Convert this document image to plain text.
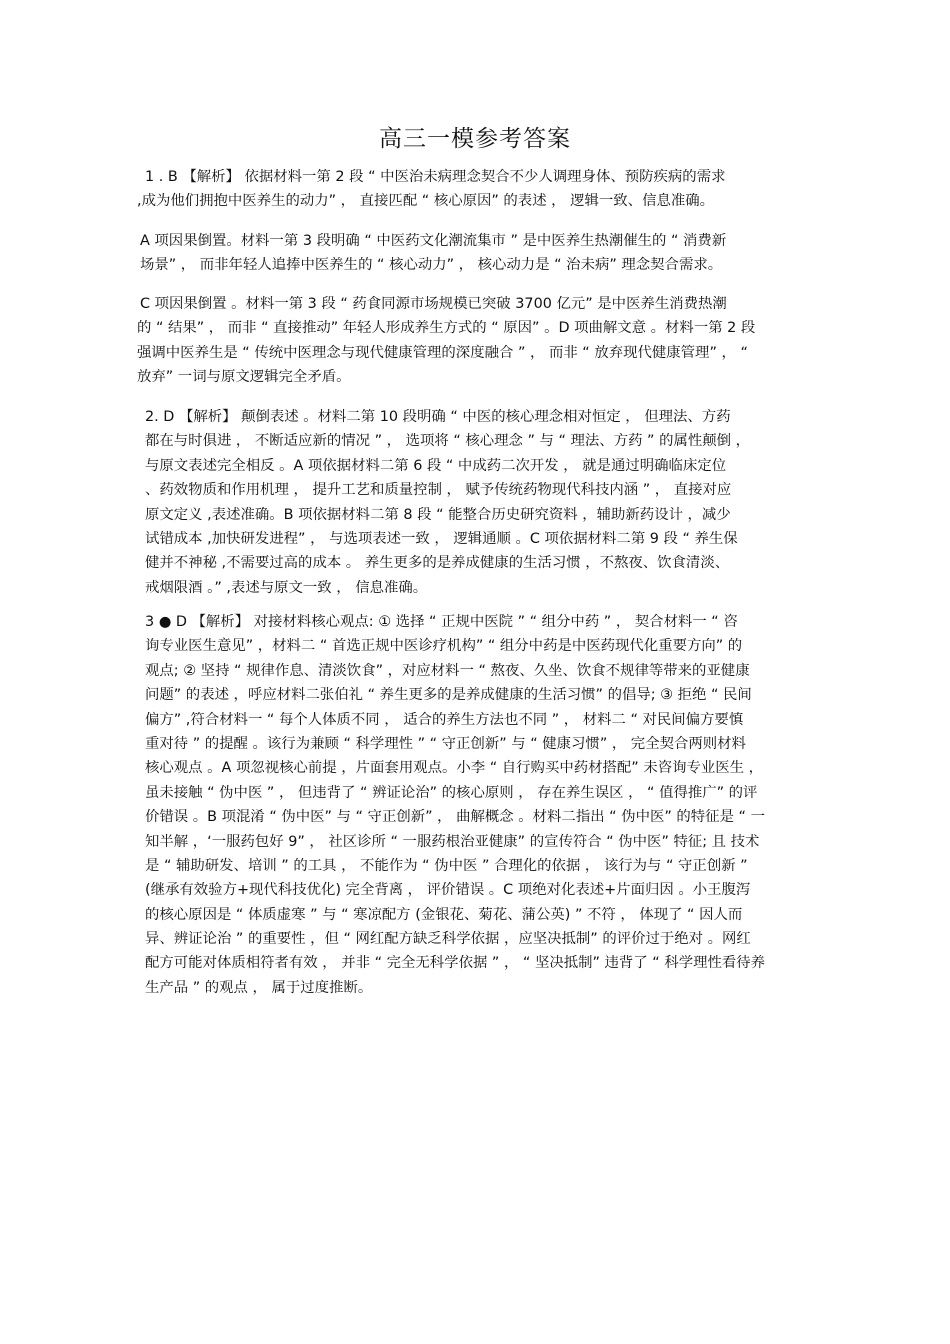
高三一模参考答案
1 . B 【解析】 依据材料一第 2 段 “ 中医治未病理念契合不少人调理身体、预防疾病的需求
,成为他们拥抱中医养生的动力” ， 直接匹配 “ 核心原因” 的表述 ， 逻辑一致、信息准确。
A 项因果倒置。材料一第 3 段明确 “ 中医药文化潮流集市 ” 是中医养生热潮催生的 “ 消费新
场景” ， 而非年轻人追捧中医养生的 “ 核心动力” ， 核心动力是 “ 治未病” 理念契合需求。
C 项因果倒置 。材料一第 3 段 “ 药食同源市场规模已突破 3700 亿元” 是中医养生消费热潮
的 “ 结果” ， 而非 “ 直接推动” 年轻人形成养生方式的 “ 原因” 。D 项曲解文意 。材料一第 2 段
强调中医养生是 “ 传统中医理念与现代健康管理的深度融合 ” ， 而非 “ 放弃现代健康管理” ， “
放弃” 一词与原文逻辑完全矛盾。
2. D 【解析】 颠倒表述 。材料二第 10 段明确 “ 中医的核心理念相对恒定 ， 但理法、方药
都在与时俱进 ， 不断适应新的情况 ” ， 选项将 “ 核心理念 ” 与 “ 理法、方药 ” 的属性颠倒 ，
与原文表述完全相反 。A 项依据材料二第 6 段 “ 中成药二次开发 ， 就是通过明确临床定位
、药效物质和作用机理 ， 提升工艺和质量控制 ， 赋予传统药物现代科技内涵 ” ， 直接对应
原文定义 ,表述准确。B 项依据材料二第 8 段 “ 能整合历史研究资料 ，辅助新药设计 ，减少
试错成本 ,加快研发进程” ， 与选项表述一致 ， 逻辑通顺 。C 项依据材料二第 9 段 “ 养生保
健并不神秘 ,不需要过高的成本 。 养生更多的是养成健康的生活习惯 ，不熬夜、饮食清淡、
戒烟限酒 。” ,表述与原文一致 ， 信息准确。
3 ● D 【解析】 对接材料核心观点: ① 选择 “ 正规中医院 ” “ 组分中药 ” ， 契合材料一 “ 咨
询专业医生意见” ，材料二 “ 首选正规中医诊疗机构” “ 组分中药是中医药现代化重要方向” 的
观点; ② 坚持 “ 规律作息、清淡饮食” ，对应材料一 “ 熬夜、久坐、饮食不规律等带来的亚健康
问题” 的表述 ，呼应材料二张伯礼 “ 养生更多的是养成健康的生活习惯” 的倡导; ③ 拒绝 “ 民间
偏方” ,符合材料一 “ 每个人体质不同 ， 适合的养生方法也不同 ” ， 材料二 “ 对民间偏方要慎
重对待 ” 的提醒 。该行为兼顾 “ 科学理性 ” “ 守正创新” 与 “ 健康习惯” ， 完全契合两则材料
核心观点 。A 项忽视核心前提 ，片面套用观点。小李 “ 自行购买中药材搭配” 未咨询专业医生 ，
虽未接触 “ 伪中医 ” ， 但违背了 “ 辨证论治” 的核心原则 ， 存在养生误区 ， “ 值得推广” 的评
价错误 。B 项混淆 “ 伪中医” 与 “ 守正创新” ， 曲解概念 。材料二指出 “ 伪中医” 的特征是 “ 一
知半解 ，‘一服药包好 9” ， 社区诊所 “ 一服药根治亚健康” 的宣传符合 “ 伪中医” 特征; 且 技术
是 “ 辅助研发、培训 ” 的工具 ， 不能作为 “ 伪中医 ” 合理化的依据 ， 该行为与 “ 守正创新 ”
(继承有效验方+现代科技优化) 完全背离 ， 评价错误 。C 项绝对化表述+片面归因 。小王腹泻
的核心原因是 “ 体质虚寒 ” 与 “ 寒凉配方 (金银花、菊花、蒲公英) ” 不符 ， 体现了 “ 因人而
异、辨证论治 ” 的重要性 ，但 “ 网红配方缺乏科学依据 ，应坚决抵制” 的评价过于绝对 。网红
配方可能对体质相符者有效 ， 并非 “ 完全无科学依据 ” ， “ 坚决抵制” 违背了 “ 科学理性看待养
生产品 ” 的观点 ， 属于过度推断。
